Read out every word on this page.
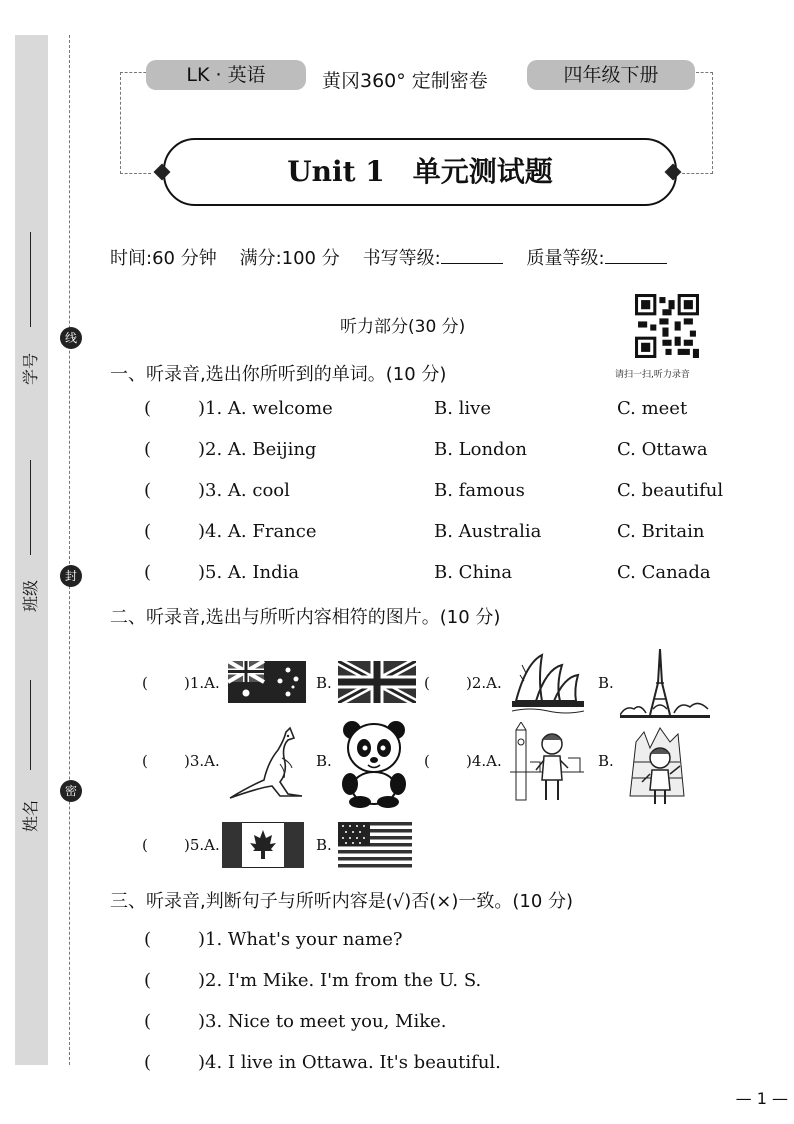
学号
班级
姓名
线
封
密
LK · 英语	黄冈360° 定制密卷	四年级下册
Unit 1　单元测试题
时间:60 分钟 满分:100 分 书写等级:	质量等级:
听力部分(30 分)
请扫一扫,听力录音
一、听录音,选出你所听到的单词。(10 分)
(	)1. A. welcome	B. live	C. meet
(	)2. A. Beijing	B. London	C. Ottawa
(	)3. A. cool	B. famous	C. beautiful
(	)4. A. France	B. Australia	C. Britain
(	)5. A. India	B. China	C. Canada
二、听录音,选出与所听内容相符的图片。(10 分)
( )1.A.	B.	( )2.A.	B.
( )3.A.	B.	( )4.A.	B.
( )5.A.	B.
三、听录音,判断句子与所听内容是(√)否(×)一致。(10 分)
(	)1. What's your name?
(	)2. I'm Mike. I'm from the U. S.
(	)3. Nice to meet you, Mike.
(	)4. I live in Ottawa. It's beautiful.
— 1 —
